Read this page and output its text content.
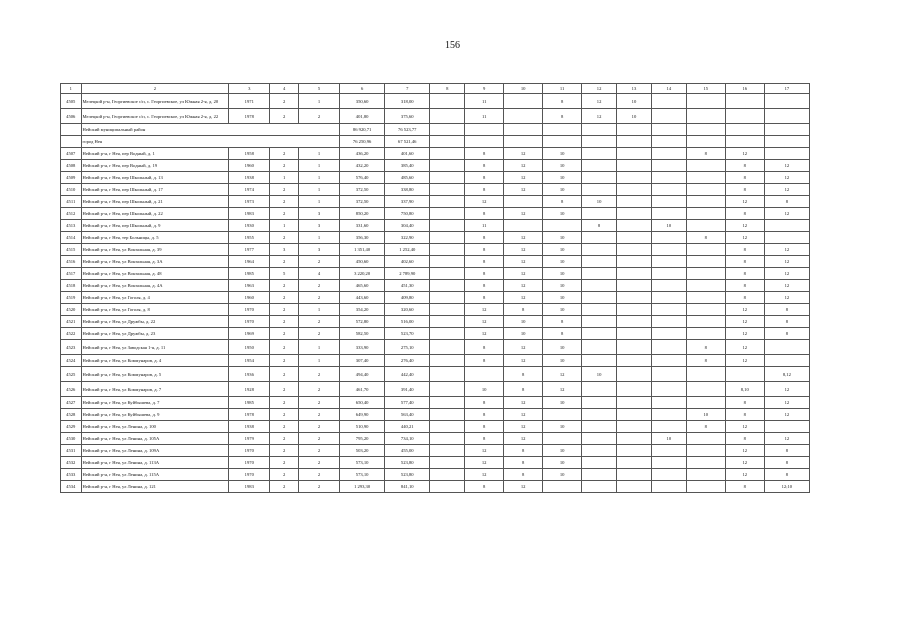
156
1	2	3	4	5	6	7	8	9	10	11	12	13	14	15	16	17
4505	Мелецкой р-н, Георгиевское с/п, с. Георгиевское, ул Южная 2-я, д. 20	1971	2	1	350,60	318,00		11		8	12	10				
4506	Мелецкой р-н, Георгиевское с/п, с. Георгиевское, ул Южная 2-я, д. 22	1978	2	2	401,80	375,60		11		8	12	10				
	Нейский муниципальный район				86 920,71	76 523,77										
	город Нея				76 250,96	67 521,46										
4507	Нейский р-н, г Нея, пер Водный, д. 1	1958	2	1	436,20	401,60		8	12	10				8	12	
4508	Нейский р-н, г Нея, пер Водный, д. 19	1960	2	1	432,20	385,40		8	12	10					8	12
4509	Нейский р-н, г Нея, пер Школьный, д. 13	1938	1	1	576,40	485,60		8	12	10					8	12
4510	Нейский р-н, г Нея, пер Школьный, д. 17	1974	2	1	372,50	338,80		8	12	10					8	12
4511	Нейский р-н, г Нея, пер Школьный, д. 21	1973	2	1	372,50	337,90		12		8	10				12	8
4512	Нейский р-н, г Нея, пер Школьный, д. 22	1983	2	3	850,20	750,80		8	12	10					8	12
4513	Нейский р-н, г Нея, пер Школьный, д. 9	1930	1	3	331,60	304,40		11			8		10		12	
4514	Нейский р-н, г Нея, тер Больницы, д. 5	1955	2	1	356,30	322,90		8	12	10				8	12	
4515	Нейский р-н, г Нея, ул Вокзальная, д. 39	1977	3	3	1 351,40	1 252,40		8	12	10					8	12
4516	Нейский р-н, г Нея, ул Вокзальная, д. 3А	1964	2	2	450,60	402,60		8	12	10					8	12
4517	Нейский р-н, г Нея, ул Вокзальная, д. 48	1985	5	4	3 220,20	2 789,90		8	12	10					8	12
4518	Нейский р-н, г Нея, ул Вокзальная, д. 4А	1963	2	2	465,60	451,30		8	12	10					8	12
4519	Нейский р-н, г Нея, ул Гоголя, д. 4	1960	2	2	443,60	409,80		8	12	10					8	12
4520	Нейский р-н, г Нея, ул Гоголя, д. 8	1970	2	1	354,20	320,60		12	8	10					12	8
4521	Нейский р-н, г Нея, ул Дружбы, д. 22	1970	2	2	572,80	516,00		12	10	8					12	8
4522	Нейский р-н, г Нея, ул Дружбы, д. 23	1969	2	2	582,50	523,70		12	10	8					12	8
4523	Нейский р-н, г Нея, ул Заводская 1-я, д. 11	1950	2	1	333,90	275,10		8	12	10				8	12	
4524	Нейский р-н, г Нея, ул Коммунаров, д. 4	1954	2	1	307,40	276,40		8	12	10				8	12	
4525	Нейский р-н, г Нея, ул Коммунаров, д. 5	1936	2	2	494,40	442,40			8	12	10					8,12
4526	Нейский р-н, г Нея, ул Коммунаров, д. 7	1928	2	2	461,70	391,40		10	8	12					8,10	12
4527	Нейский р-н, г Нея, ул Куйбышева, д. 7	1985	2	2	650,40	577,40		8	12	10					8	12
4528	Нейский р-н, г Нея, ул Куйбышева, д. 9	1978	2	2	649,90	563,40		8	12					10	8	12
4529	Нейский р-н, г Нея, ул Ленина, д. 100	1938	2	2	510,90	440,21		8	12	10				8	12	
4530	Нейский р-н, г Нея, ул Ленина, д. 105А	1979	2	2	795,20	734,10		8	12				10		8	12
4531	Нейский р-н, г Нея, ул Ленина, д. 109А	1970	2	2	503,20	455,00		12	8	10					12	8
4532	Нейский р-н, г Нея, ул Ленина, д. 113А	1970	2	2	573,10	523,80		12	8	10					12	8
4533	Нейский р-н, г Нея, ул Ленина, д. 115А	1970	2	2	573,10	523,80		12	8	10					12	8
4534	Нейский р-н, г Нея, ул Ленина, д. 121	1983	2	2	1 293,30	841,10		8	12						8	12;10
